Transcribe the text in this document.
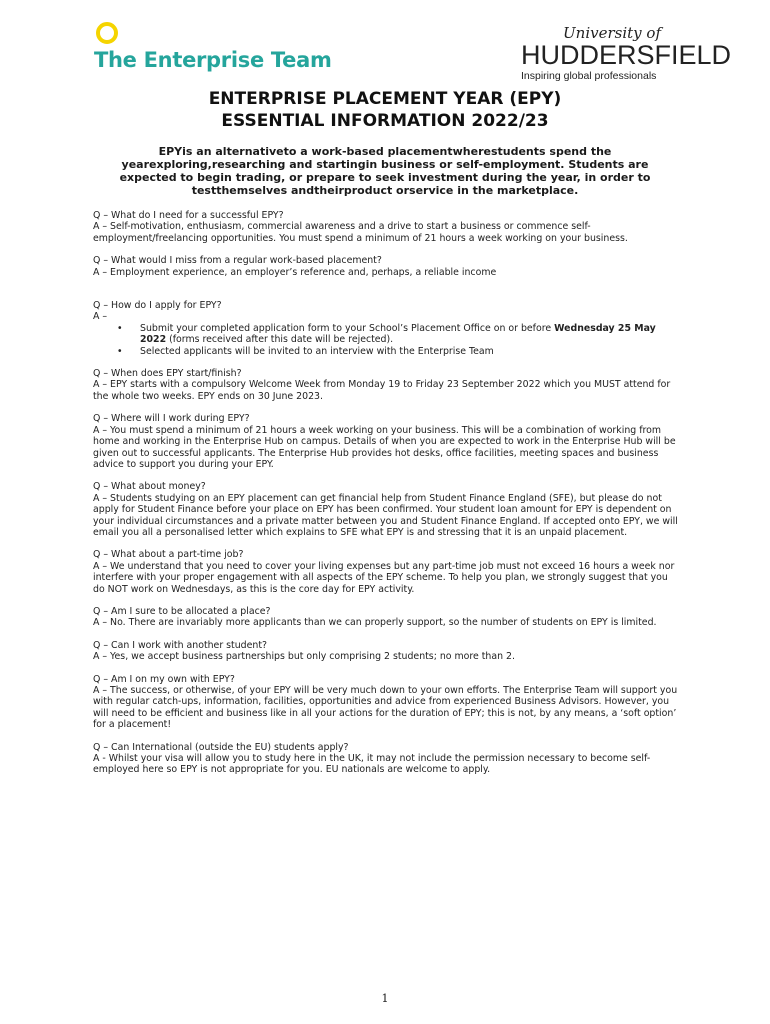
The Enterprise Team
University of
HUDDERSFIELD
Inspiring global professionals
ENTERPRISE PLACEMENT YEAR (EPY)
ESSENTIAL INFORMATION 2022/23
EPYis an alternativeto a work-based placementwherestudents spend the yearexploring,researching and startingin business or self-employment. Students are expected to begin trading, or prepare to seek investment during the year, in order to testthemselves andtheirproduct orservice in the marketplace.

Q – What do I need for a successful EPY?

A – Self-motivation, enthusiasm, commercial awareness and a drive to start a business or commence self-employment/freelancing opportunities. You must spend a minimum of 21 hours a week working on your business.

Q – What would I miss from a regular work-based placement?

A – Employment experience, an employer’s reference and, perhaps, a reliable income

Q – How do I apply for EPY?

A –

• Submit your completed application form to your School’s Placement Office on or before Wednesday 25 May 2022 (forms received after this date will be rejected).
• Selected applicants will be invited to an interview with the Enterprise Team

Q – When does EPY start/finish?

A – EPY starts with a compulsory Welcome Week from Monday 19 to Friday 23 September 2022 which you MUST attend for the whole two weeks. EPY ends on 30 June 2023.

Q – Where will I work during EPY?

A – You must spend a minimum of 21 hours a week working on your business. This will be a combination of working from home and working in the Enterprise Hub on campus. Details of when you are expected to work in the Enterprise Hub will be given out to successful applicants. The Enterprise Hub provides hot desks, office facilities, meeting spaces and business advice to support you during your EPY.

Q – What about money?

A – Students studying on an EPY placement can get financial help from Student Finance England (SFE), but please do not apply for Student Finance before your place on EPY has been confirmed. Your student loan amount for EPY is dependent on your individual circumstances and a private matter between you and Student Finance England. If accepted onto EPY, we will email you all a personalised letter which explains to SFE what EPY is and stressing that it is an unpaid placement.

Q – What about a part-time job?

A – We understand that you need to cover your living expenses but any part-time job must not exceed 16 hours a week nor interfere with your proper engagement with all aspects of the EPY scheme. To help you plan, we strongly suggest that you do NOT work on Wednesdays, as this is the core day for EPY activity.

Q – Am I sure to be allocated a place?

A – No. There are invariably more applicants than we can properly support, so the number of students on EPY is limited.

Q – Can I work with another student?

A – Yes, we accept business partnerships but only comprising 2 students; no more than 2.

Q – Am I on my own with EPY?

A – The success, or otherwise, of your EPY will be very much down to your own efforts. The Enterprise Team will support you with regular catch-ups, information, facilities, opportunities and advice from experienced Business Advisors. However, you will need to be efficient and business like in all your actions for the duration of EPY; this is not, by any means, a ‘soft option’ for a placement!

Q – Can International (outside the EU) students apply?

A - Whilst your visa will allow you to study here in the UK, it may not include the permission necessary to become self-employed here so EPY is not appropriate for you. EU nationals are welcome to apply.

1
